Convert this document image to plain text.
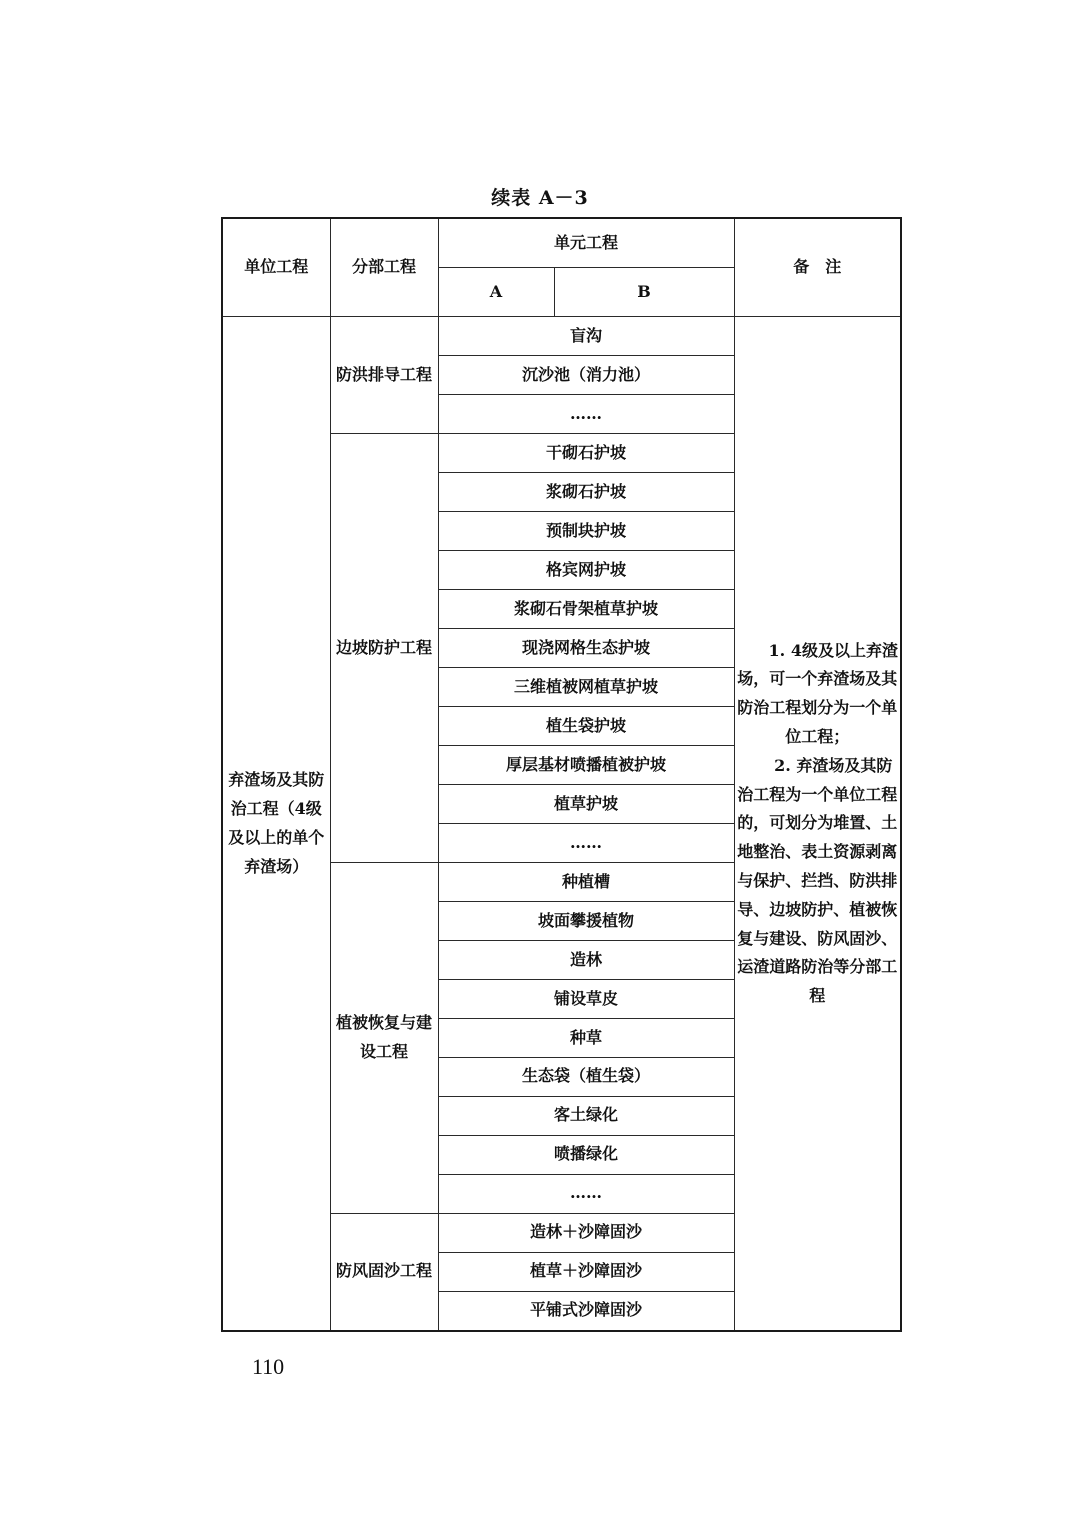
续表 A－3
单位工程	分部工程	单元工程		备　注
		A	B	
弃渣场及其防治工程（4级及以上的单个弃渣场）	防洪排导工程	盲沟		1. 4级及以上弃渣场，可一个弃渣场及其防治工程划分为一个单位工程；

2. 弃渣场及其防治工程为一个单位工程的，可划分为堆置、土地整治、表土资源剥离与保护、拦挡、防洪排导、边坡防护、植被恢复与建设、防风固沙、运渣道路防治等分部工程

		沉沙池（消力池）		
		……		
	边坡防护工程	干砌石护坡		
		浆砌石护坡		
		预制块护坡		
		格宾网护坡		
		浆砌石骨架植草护坡		
		现浇网格生态护坡		
		三维植被网植草护坡		
		植生袋护坡		
		厚层基材喷播植被护坡		
		植草护坡		
		……		
	植被恢复与建设工程	种植槽		
		坡面攀援植物		
		造林		
		铺设草皮		
		种草		
		生态袋（植生袋）		
		客土绿化		
		喷播绿化		
		……		
	防风固沙工程	造林＋沙障固沙		
		植草＋沙障固沙		
		平铺式沙障固沙		
110
